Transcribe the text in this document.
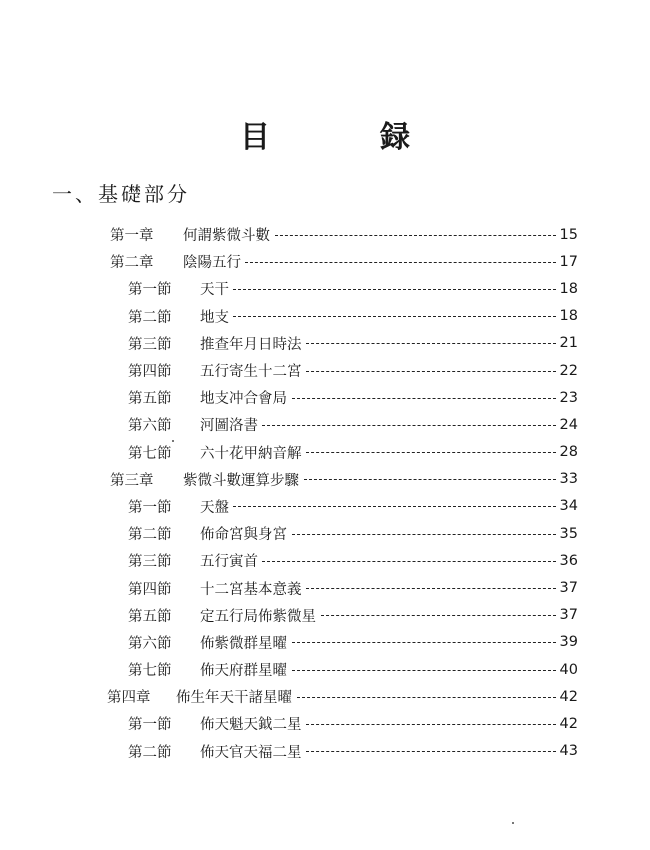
目　録
一、基礎部分
第一章 何謂紫微斗數	15
第二章 陰陽五行	17
第一節 天干	18
第二節 地支	18
第三節 推查年月日時法	21
第四節 五行寄生十二宮	22
第五節 地支冲合會局	23
第六節 河圖洛書	24
第七節 六十花甲納音解	28
第三章 紫微斗數運算步驟	33
第一節 天盤	34
第二節 佈命宮與身宮	35
第三節 五行寅首	36
第四節 十二宮基本意義	37
第五節 定五行局佈紫微星	37
第六節 佈紫微群星曜	39
第七節 佈天府群星曜	40
第四章 佈生年天干諸星曜	42
第一節 佈天魁天鉞二星	42
第二節 佈天官天福二星	43
